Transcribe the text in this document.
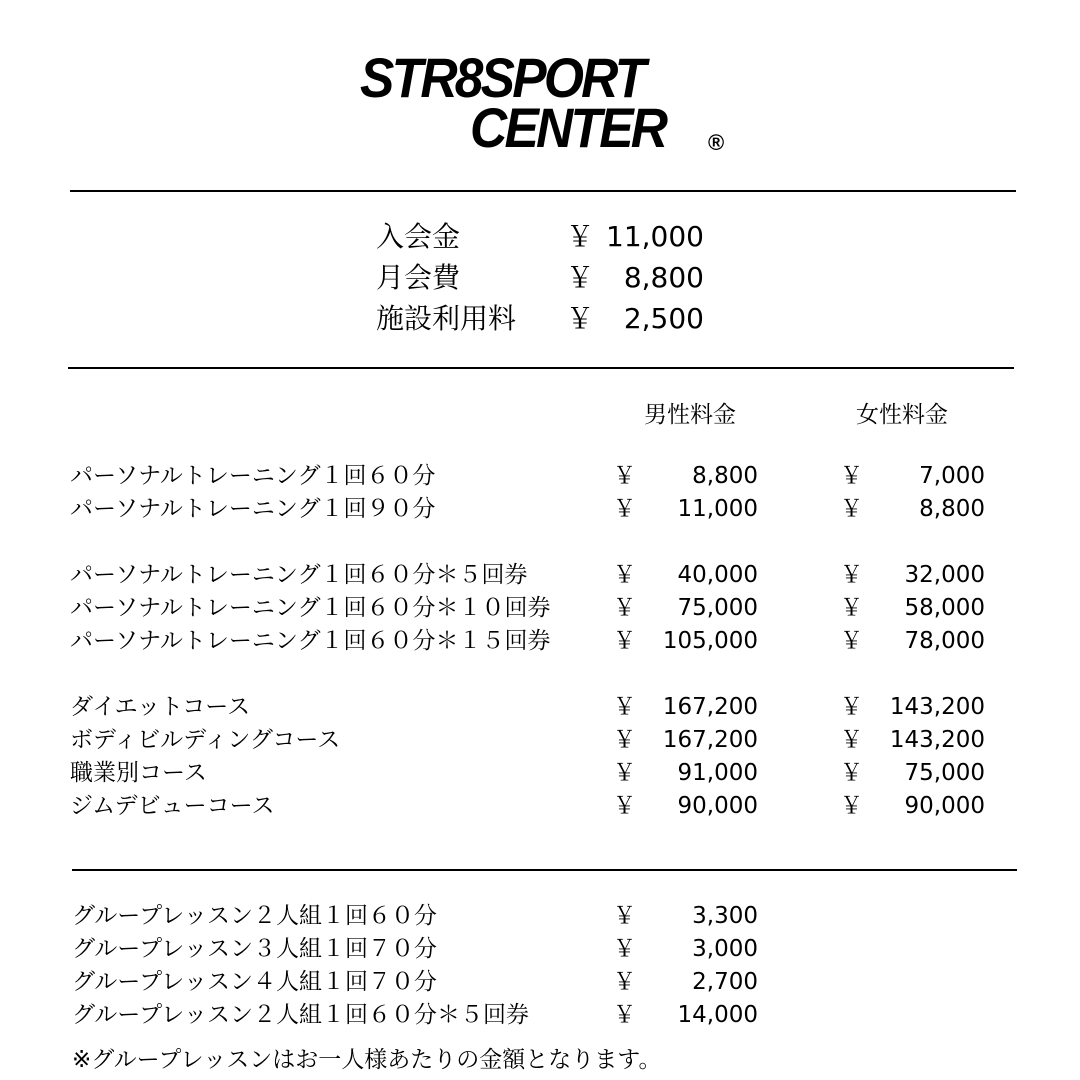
STR8SPORT
CENTER ®
入会金	￥ 11,000
月会費	￥ 8,800
施設利用料 ￥ 2,500
男性料金	女性料金
パーソナルトレーニング１回６０分	￥	8,800	￥	7,000
パーソナルトレーニング１回９０分	￥	11,000	￥	8,800
パーソナルトレーニング１回６０分＊５回券	￥	40,000	￥	32,000
パーソナルトレーニング１回６０分＊１０回券	￥	75,000	￥	58,000
パーソナルトレーニング１回６０分＊１５回券	￥	105,000	￥	78,000
ダイエットコース	￥	167,200	￥	143,200
ボディビルディングコース	￥	167,200	￥	143,200
職業別コース	￥	91,000	￥	75,000
ジムデビューコース	￥	90,000	￥	90,000
グループレッスン２人組１回６０分	￥	3,300
グループレッスン３人組１回７０分	￥	3,000
グループレッスン４人組１回７０分	￥	2,700
グループレッスン２人組１回６０分＊５回券	￥	14,000
※グループレッスンはお一人様あたりの金額となります。
